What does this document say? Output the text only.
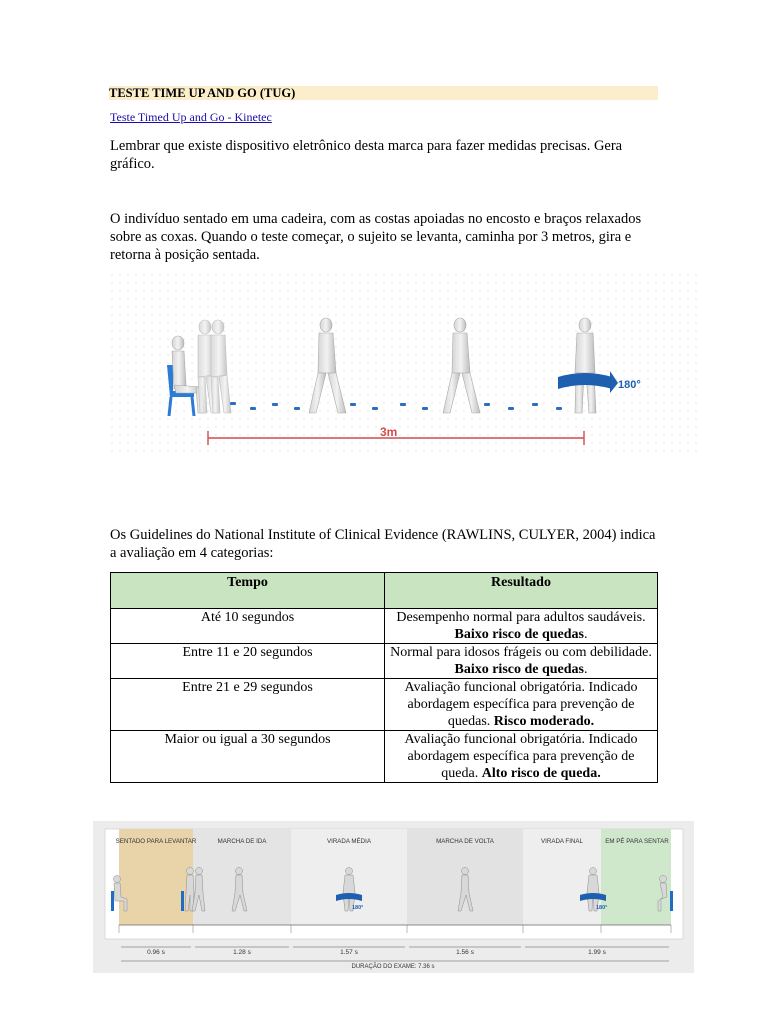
TESTE TIME UP AND GO (TUG)
Teste Timed Up and Go - Kinetec
Lembrar que existe dispositivo eletrônico desta marca para fazer medidas precisas. Gera gráfico.
O indivíduo sentado em uma cadeira, com as costas apoiadas no encosto e braços relaxados sobre as coxas. Quando o teste começar, o sujeito se levanta, caminha por 3 metros, gira e retorna à posição sentada.
180°
3m
Os Guidelines do National Institute of Clinical Evidence (RAWLINS, CULYER, 2004) indica a avaliação em 4 categorias:
Tempo	Resultado
Até 10 segundos	Desempenho normal para adultos saudáveis. Baixo risco de quedas.
Entre 11 e 20 segundos	Normal para idosos frágeis ou com debilidade. Baixo risco de quedas.
Entre 21 e 29 segundos	Avaliação funcional obrigatória. Indicado abordagem específica para prevenção de quedas. Risco moderado.
Maior ou igual a 30 segundos	Avaliação funcional obrigatória. Indicado abordagem específica para prevenção de queda. Alto risco de queda.
SENTADO PARA LEVANTAR	MARCHA DE IDA	VIRADA MÉDIA	MARCHA DE VOLTA	VIRADA FINAL	EM PÉ PARA SENTAR
180°	180°
0.96 s	1.28 s	1.57 s	1.56 s	1.99 s
DURAÇÃO DO EXAME: 7.36 s
